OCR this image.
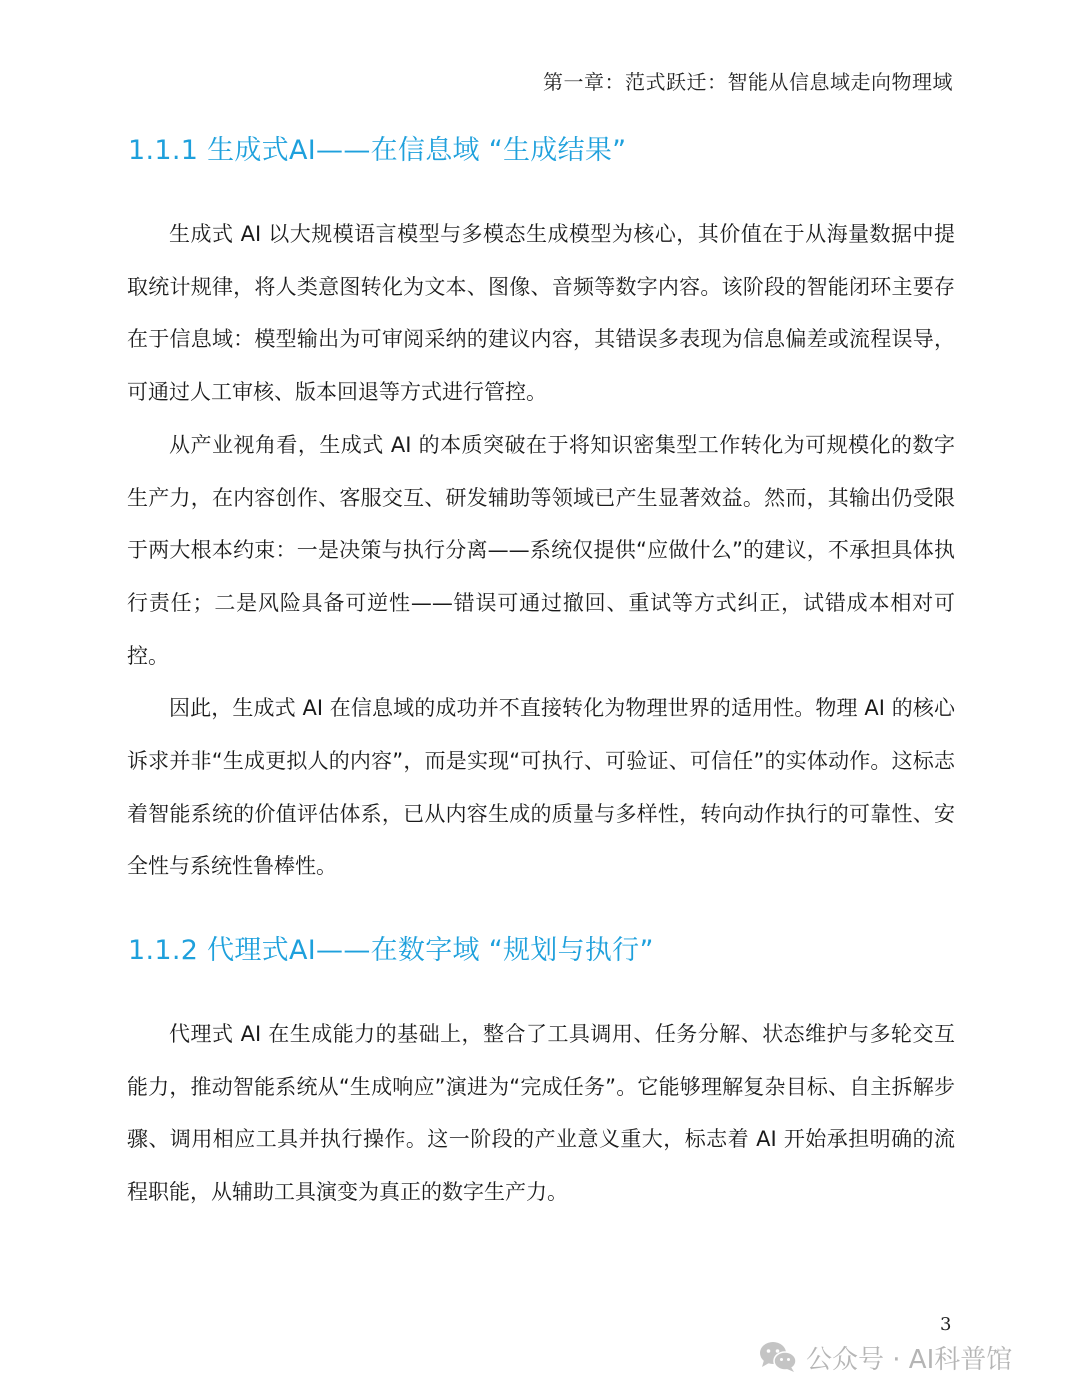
第一章：范式跃迁：智能从信息域走向物理域
1.1.1 生成式AI——在信息域 “生成结果”

生成式 AI 以大规模语言模型与多模态生成模型为核心，其价值在于从海量数据中提取统计规律，将人类意图转化为文本、图像、音频等数字内容。该阶段的智能闭环主要存在于信息域：模型输出为可审阅采纳的建议内容，其错误多表现为信息偏差或流程误导，可通过人工审核、版本回退等方式进行管控。

从产业视角看，生成式 AI 的本质突破在于将知识密集型工作转化为可规模化的数字生产力，在内容创作、客服交互、研发辅助等领域已产生显著效益。然而，其输出仍受限于两大根本约束：一是决策与执行分离——系统仅提供“应做什么”的建议，不承担具体执行责任；二是风险具备可逆性——错误可通过撤回、重试等方式纠正，试错成本相对可控。

因此，生成式 AI 在信息域的成功并不直接转化为物理世界的适用性。物理 AI 的核心诉求并非“生成更拟人的内容”，而是实现“可执行、可验证、可信任”的实体动作。这标志着智能系统的价值评估体系，已从内容生成的质量与多样性，转向动作执行的可靠性、安全性与系统性鲁棒性。

1.1.2 代理式AI——在数字域 “规划与执行”

代理式 AI 在生成能力的基础上，整合了工具调用、任务分解、状态维护与多轮交互能力，推动智能系统从“生成响应”演进为“完成任务”。它能够理解复杂目标、自主拆解步骤、调用相应工具并执行操作。这一阶段的产业意义重大，标志着 AI 开始承担明确的流程职能，从辅助工具演变为真正的数字生产力。

3
公众号 · AI科普馆
